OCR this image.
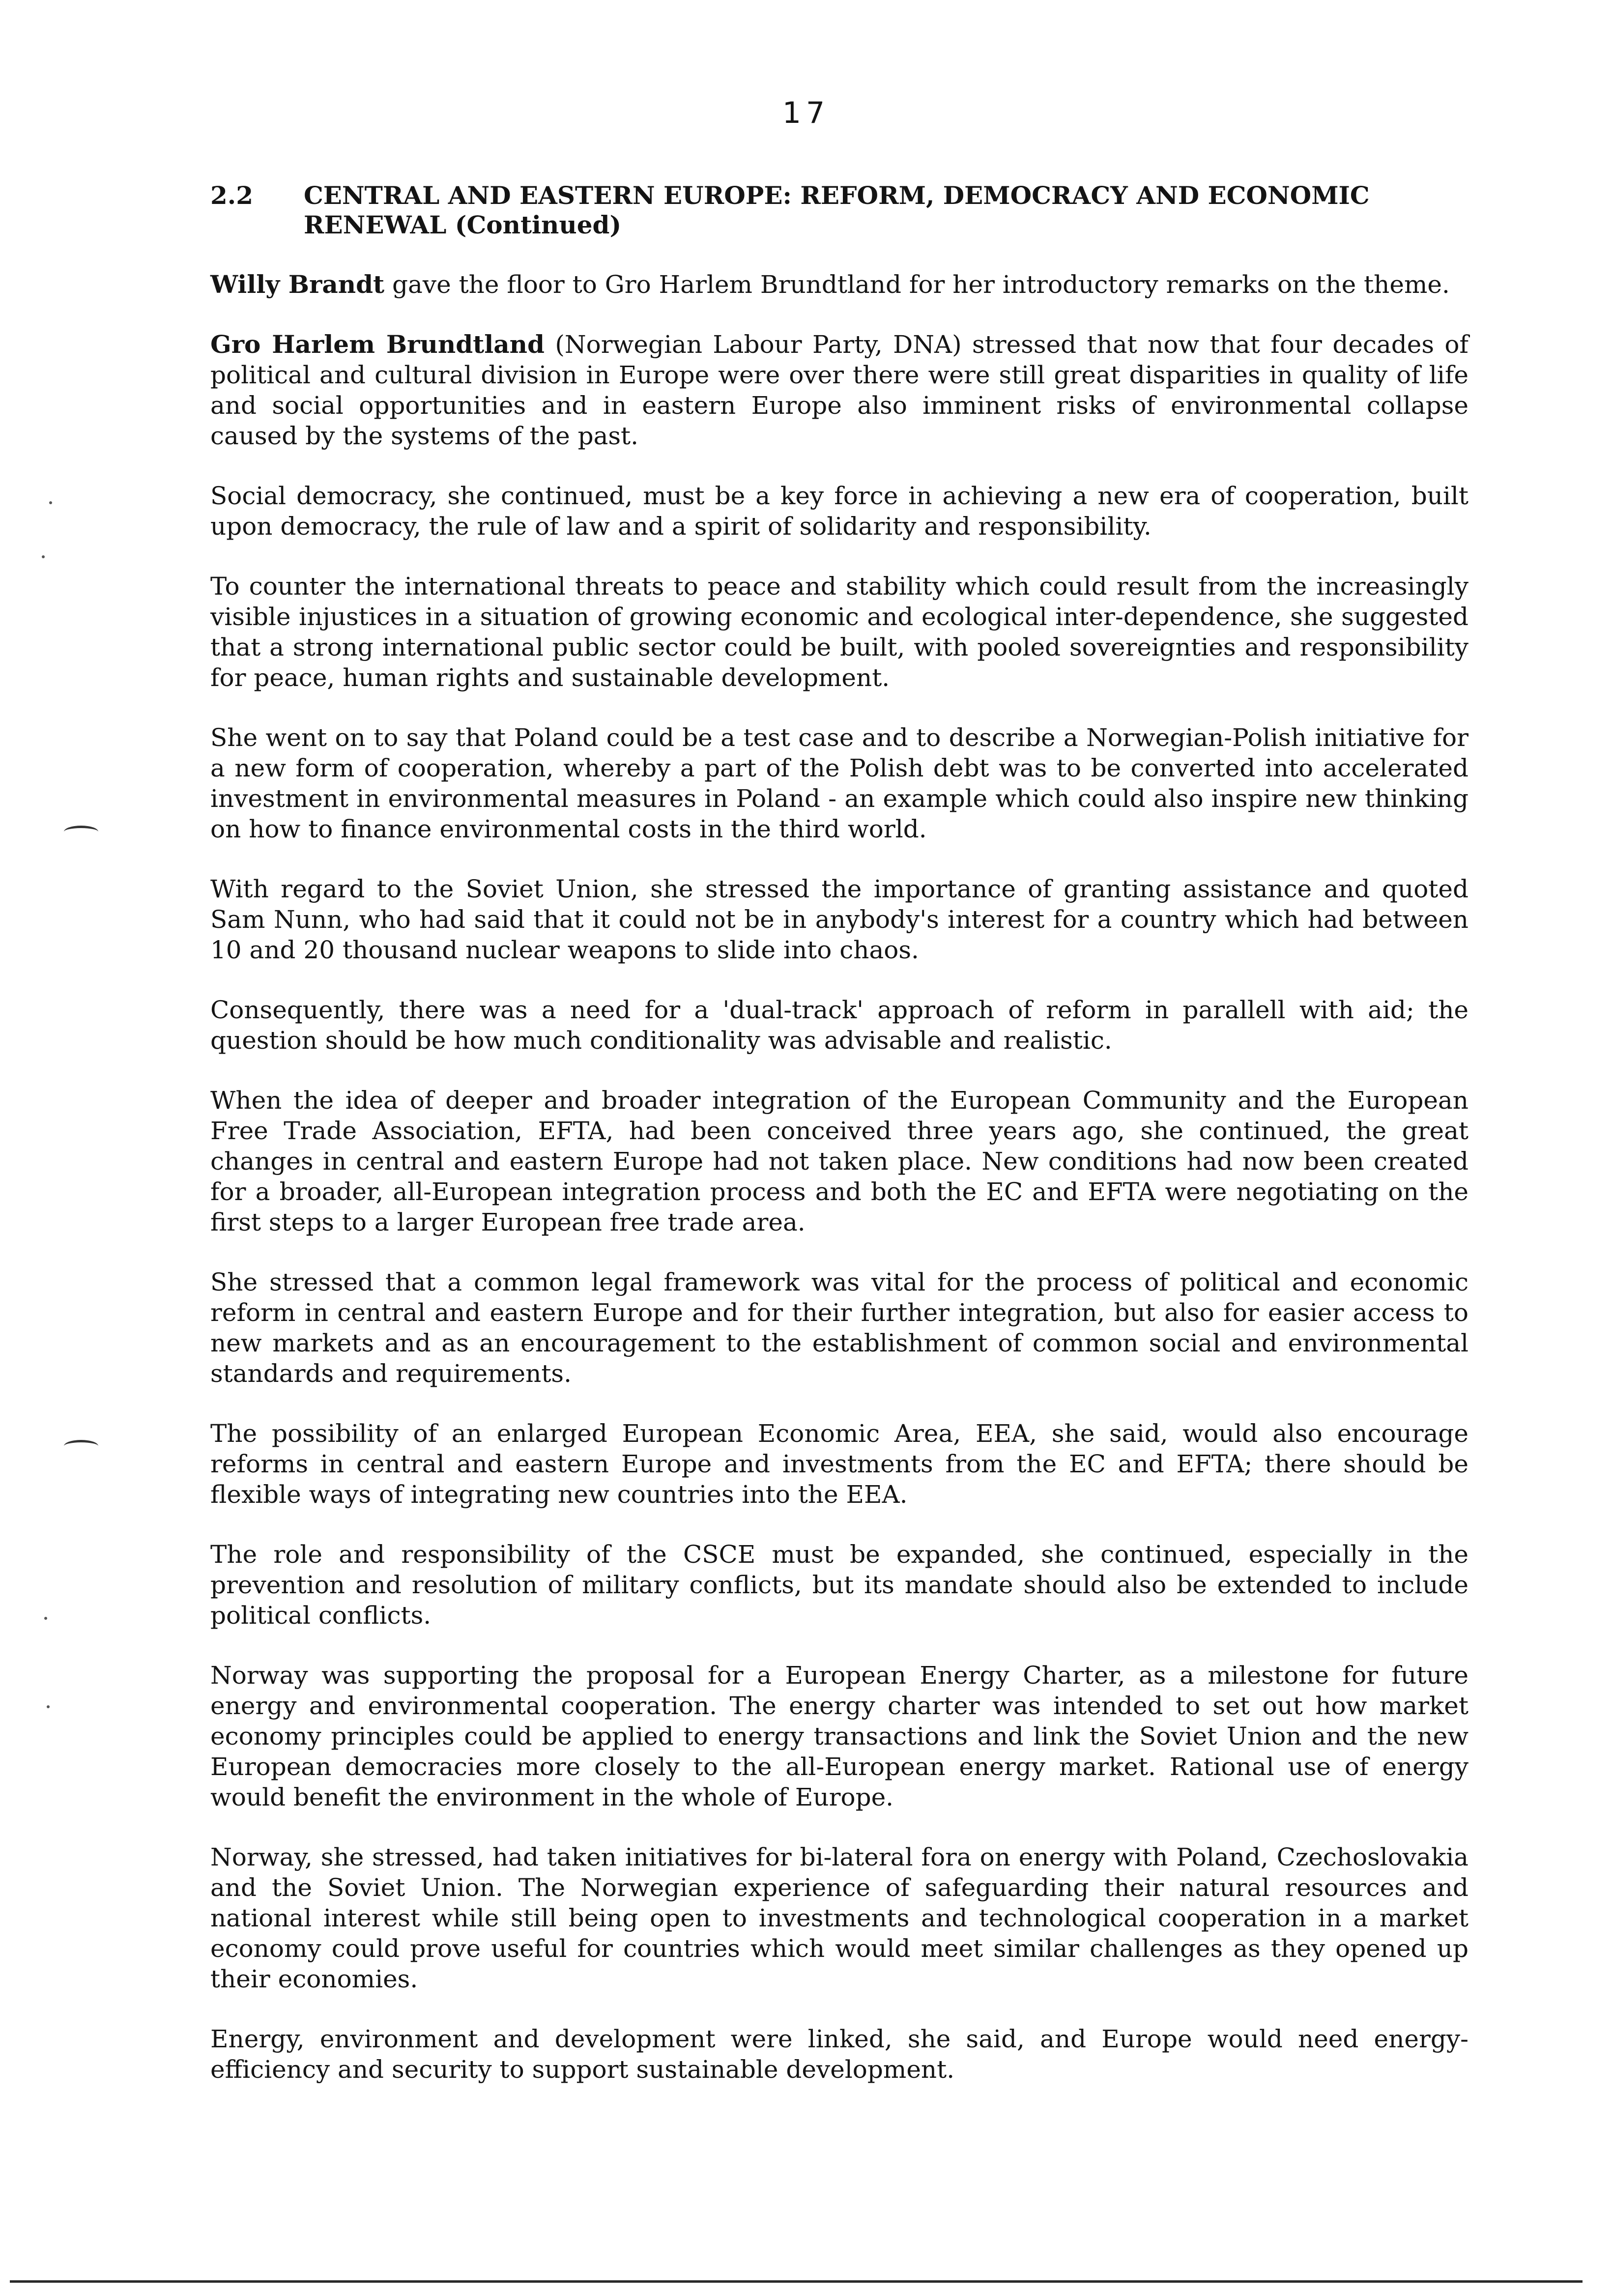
17
2.2 CENTRAL AND EASTERN EUROPE: REFORM, DEMOCRACY AND ECONOMIC RENEWAL (Continued)

Willy Brandt gave the floor to Gro Harlem Brundtland for her introductory remarks on the theme.

Gro Harlem Brundtland (Norwegian Labour Party, DNA) stressed that now that four decades of political and cultural division in Europe were over there were still great disparities in quality of life and social opportunities and in eastern Europe also imminent risks of environmental collapse caused by the systems of the past.

Social democracy, she continued, must be a key force in achieving a new era of cooperation, built upon democracy, the rule of law and a spirit of solidarity and responsibility.

To counter the international threats to peace and stability which could result from the increasingly visible injustices in a situation of growing economic and ecological inter-dependence, she suggested that a strong international public sector could be built, with pooled sovereignties and responsibility for peace, human rights and sustainable development.

She went on to say that Poland could be a test case and to describe a Norwegian-Polish initiative for a new form of cooperation, whereby a part of the Polish debt was to be converted into accelerated investment in environmental measures in Poland - an example which could also inspire new thinking on how to finance environmental costs in the third world.

With regard to the Soviet Union, she stressed the importance of granting assistance and quoted Sam Nunn, who had said that it could not be in anybody's interest for a country which had between 10 and 20 thousand nuclear weapons to slide into chaos.

Consequently, there was a need for a 'dual-track' approach of reform in parallell with aid; the question should be how much conditionality was advisable and realistic.

When the idea of deeper and broader integration of the European Community and the European Free Trade Association, EFTA, had been conceived three years ago, she continued, the great changes in central and eastern Europe had not taken place. New conditions had now been created for a broader, all-European integration process and both the EC and EFTA were negotiating on the first steps to a larger European free trade area.

She stressed that a common legal framework was vital for the process of political and economic reform in central and eastern Europe and for their further integration, but also for easier access to new markets and as an encouragement to the establishment of common social and environmental standards and requirements.

The possibility of an enlarged European Economic Area, EEA, she said, would also encourage reforms in central and eastern Europe and investments from the EC and EFTA; there should be flexible ways of integrating new countries into the EEA.

The role and responsibility of the CSCE must be expanded, she continued, especially in the prevention and resolution of military conflicts, but its mandate should also be extended to include political conflicts.

Norway was supporting the proposal for a European Energy Charter, as a milestone for future energy and environmental cooperation. The energy charter was intended to set out how market economy principles could be applied to energy transactions and link the Soviet Union and the new European democracies more closely to the all-European energy market. Rational use of energy would benefit the environment in the whole of Europe.

Norway, she stressed, had taken initiatives for bi-lateral fora on energy with Poland, Czechoslovakia and the Soviet Union. The Norwegian experience of safeguarding their natural resources and national interest while still being open to investments and technological cooperation in a market economy could prove useful for countries which would meet similar challenges as they opened up their economies.

Energy, environment and development were linked, she said, and Europe would need energy-efficiency and security to support sustainable development.
